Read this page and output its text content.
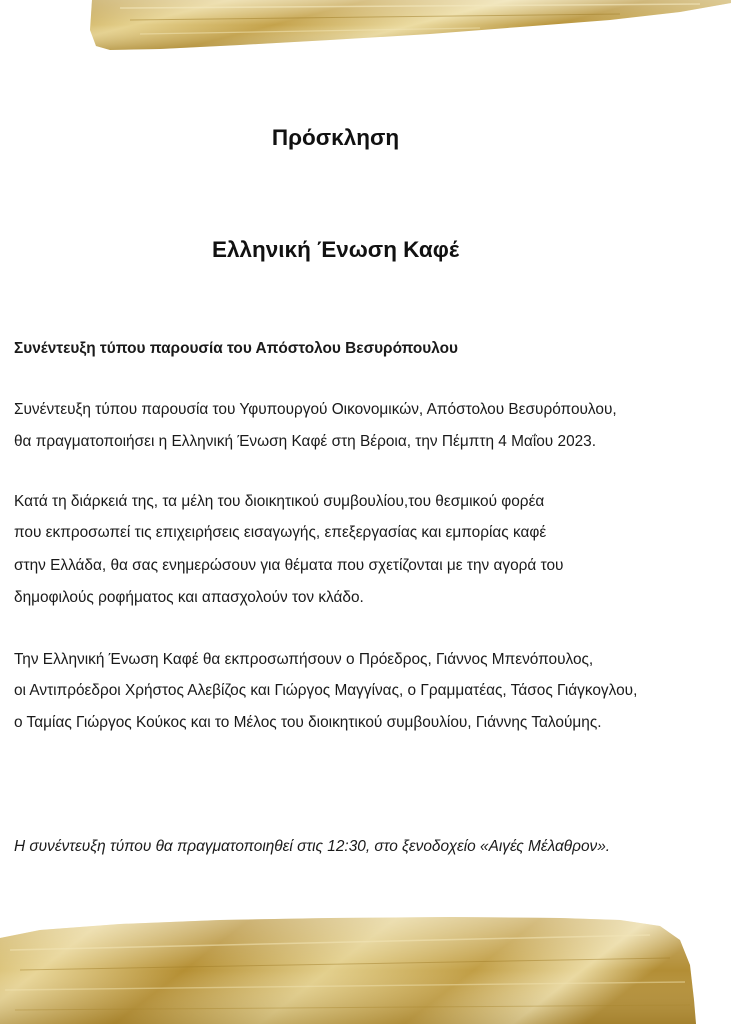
Πρόσκληση
Ελληνική Ένωση Καφέ

Συνέντευξη τύπου παρουσία του Απόστολου Βεσυρόπουλου

Συνέντευξη τύπου παρουσία του Υφυπουργού Οικονομικών, Απόστολου Βεσυρόπουλου,

θα πραγματοποιήσει η Ελληνική Ένωση Καφέ στη Βέροια, την Πέμπτη 4 Μαΐου 2023.

Κατά τη διάρκειά της, τα μέλη του διοικητικού συμβουλίου,του θεσμικού φορέα

που εκπροσωπεί τις επιχειρήσεις εισαγωγής, επεξεργασίας και εμπορίας καφέ

στην Ελλάδα, θα σας ενημερώσουν για θέματα που σχετίζονται με την αγορά του

δημοφιλούς ροφήματος και απασχολούν τον κλάδο.

Την Ελληνική Ένωση Καφέ θα εκπροσωπήσουν ο Πρόεδρος, Γιάννος Μπενόπουλος,

οι Αντιπρόεδροι Χρήστος Αλεβίζος και Γιώργος Μαγγίνας, ο Γραμματέας, Τάσος Γιάγκογλου,

ο Ταμίας Γιώργος Κούκος και το Μέλος του διοικητικού συμβουλίου, Γιάννης Ταλούμης.

Η συνέντευξη τύπου θα πραγματοποιηθεί στις 12:30, στο ξενοδοχείο «Αιγές Μέλαθρον».
